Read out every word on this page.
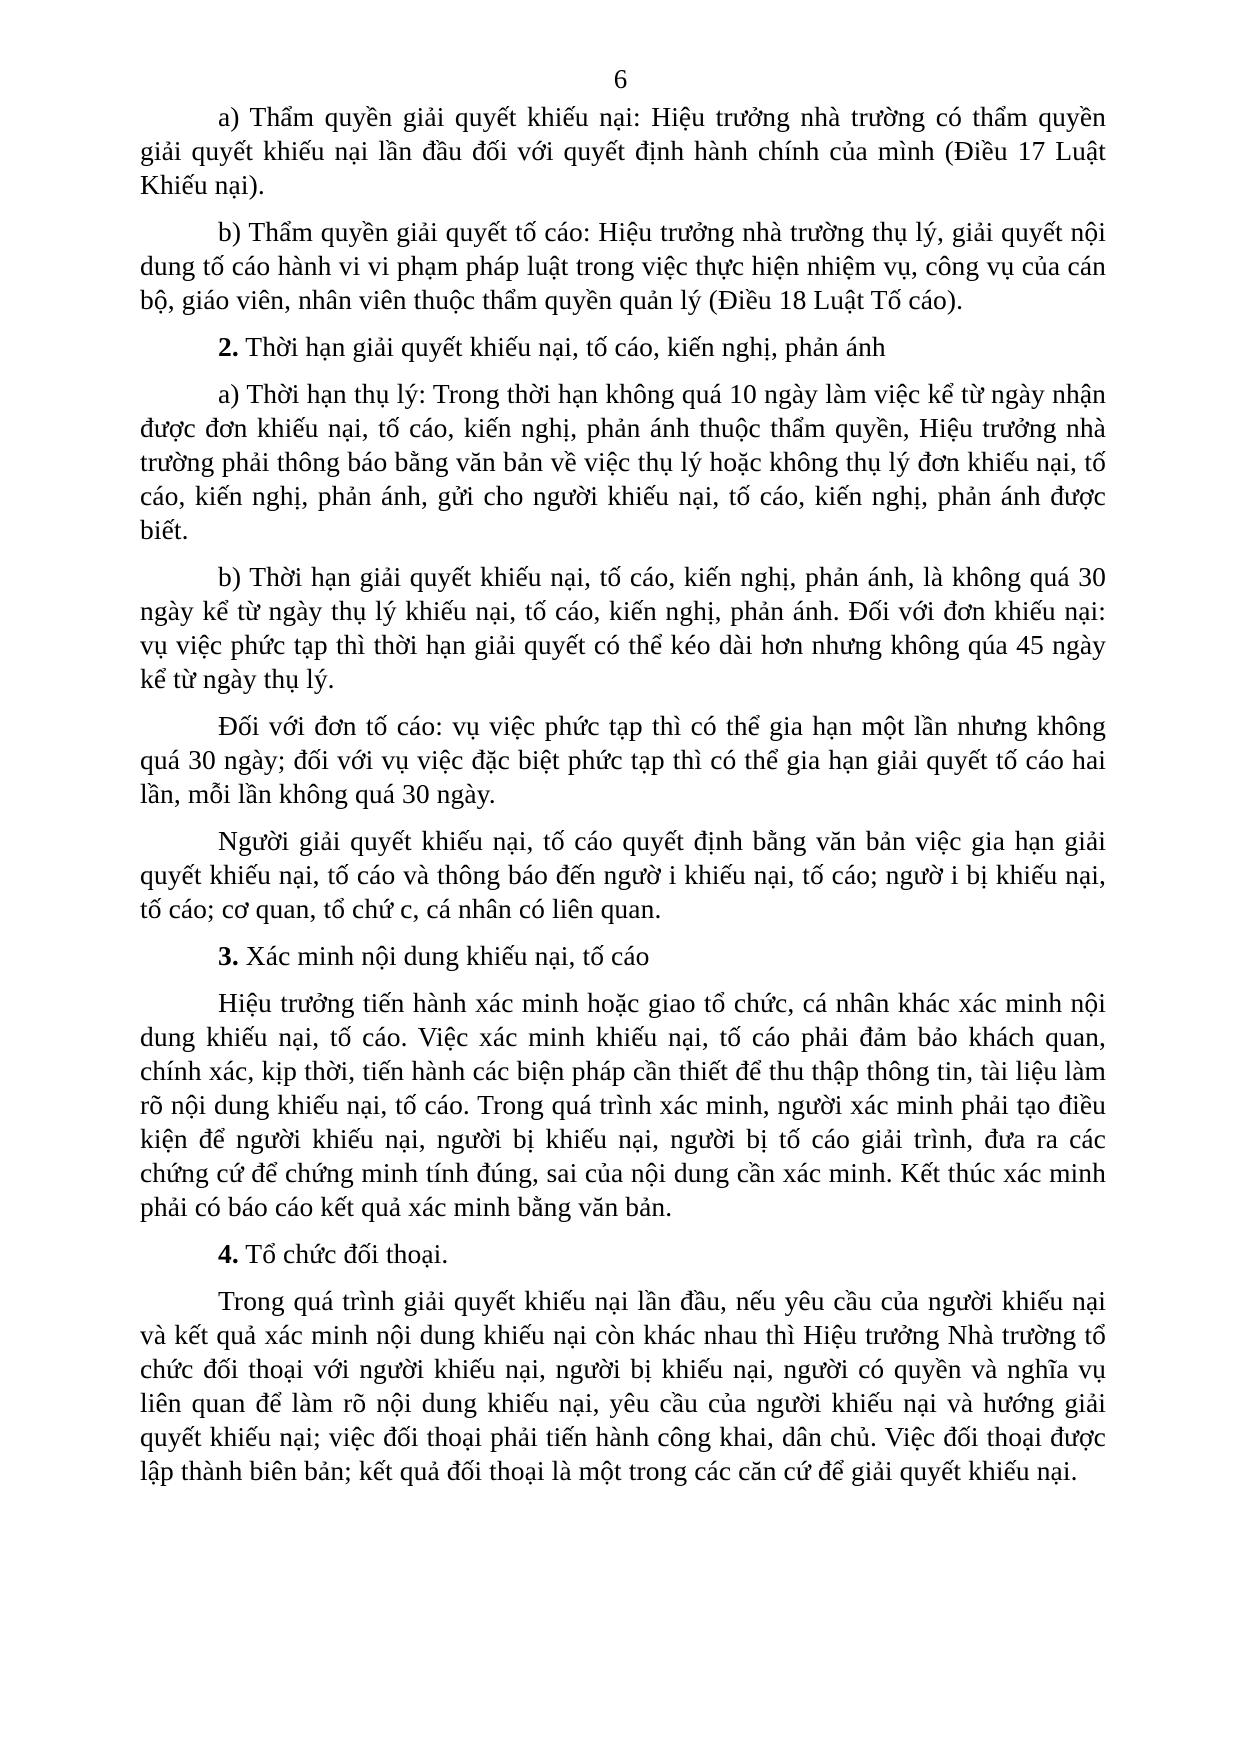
6

a) Thẩm quyền giải quyết khiếu nại: Hiệu trưởng nhà trường có thẩm quyền giải quyết khiếu nại lần đầu đối với quyết định hành chính của mình (Điều 17 Luật Khiếu nại).

b) Thẩm quyền giải quyết tố cáo: Hiệu trưởng nhà trường thụ lý, giải quyết nội dung tố cáo hành vi vi phạm pháp luật trong việc thực hiện nhiệm vụ, công vụ của cán bộ, giáo viên, nhân viên thuộc thẩm quyền quản lý (Điều 18 Luật Tố cáo).

2. Thời hạn giải quyết khiếu nại, tố cáo, kiến nghị, phản ánh

a) Thời hạn thụ lý: Trong thời hạn không quá 10 ngày làm việc kể từ ngày nhận được đơn khiếu nại, tố cáo, kiến nghị, phản ánh thuộc thẩm quyền, Hiệu trưởng nhà trường phải thông báo bằng văn bản về việc thụ lý hoặc không thụ lý đơn khiếu nại, tố cáo, kiến nghị, phản ánh, gửi cho người khiếu nại, tố cáo, kiến nghị, phản ánh được biết.

b) Thời hạn giải quyết khiếu nại, tố cáo, kiến nghị, phản ánh, là không quá 30 ngày kể từ ngày thụ lý khiếu nại, tố cáo, kiến nghị, phản ánh. Đối với đơn khiếu nại: vụ việc phức tạp thì thời hạn giải quyết có thể kéo dài hơn nhưng không qúa 45 ngày kể từ ngày thụ lý.

Đối với đơn tố cáo: vụ việc phức tạp thì có thể gia hạn một lần nhưng không quá 30 ngày; đối với vụ việc đặc biệt phức tạp thì có thể gia hạn giải quyết tố cáo hai lần, mỗi lần không quá 30 ngày.

Người giải quyết khiếu nại, tố cáo quyết định bằng văn bản việc gia hạn giải quyết khiếu nại, tố cáo và thông báo đến ngườ i khiếu nại, tố cáo; ngườ i bị khiếu nại, tố cáo; cơ quan, tổ chứ c, cá nhân có liên quan.

3. Xác minh nội dung khiếu nại, tố cáo

Hiệu trưởng tiến hành xác minh hoặc giao tổ chức, cá nhân khác xác minh nội dung khiếu nại, tố cáo. Việc xác minh khiếu nại, tố cáo phải đảm bảo khách quan, chính xác, kịp thời, tiến hành các biện pháp cần thiết để thu thập thông tin, tài liệu làm rõ nội dung khiếu nại, tố cáo. Trong quá trình xác minh, người xác minh phải tạo điều kiện để người khiếu nại, người bị khiếu nại, người bị tố cáo giải trình, đưa ra các chứng cứ để chứng minh tính đúng, sai của nội dung cần xác minh. Kết thúc xác minh phải có báo cáo kết quả xác minh bằng văn bản.

4. Tổ chức đối thoại.

Trong quá trình giải quyết khiếu nại lần đầu, nếu yêu cầu của người khiếu nại và kết quả xác minh nội dung khiếu nại còn khác nhau thì Hiệu trưởng Nhà trường tổ chức đối thoại với người khiếu nại, người bị khiếu nại, người có quyền và nghĩa vụ liên quan để làm rõ nội dung khiếu nại, yêu cầu của người khiếu nại và hướng giải quyết khiếu nại; việc đối thoại phải tiến hành công khai, dân chủ. Việc đối thoại được lập thành biên bản; kết quả đối thoại là một trong các căn cứ để giải quyết khiếu nại.
